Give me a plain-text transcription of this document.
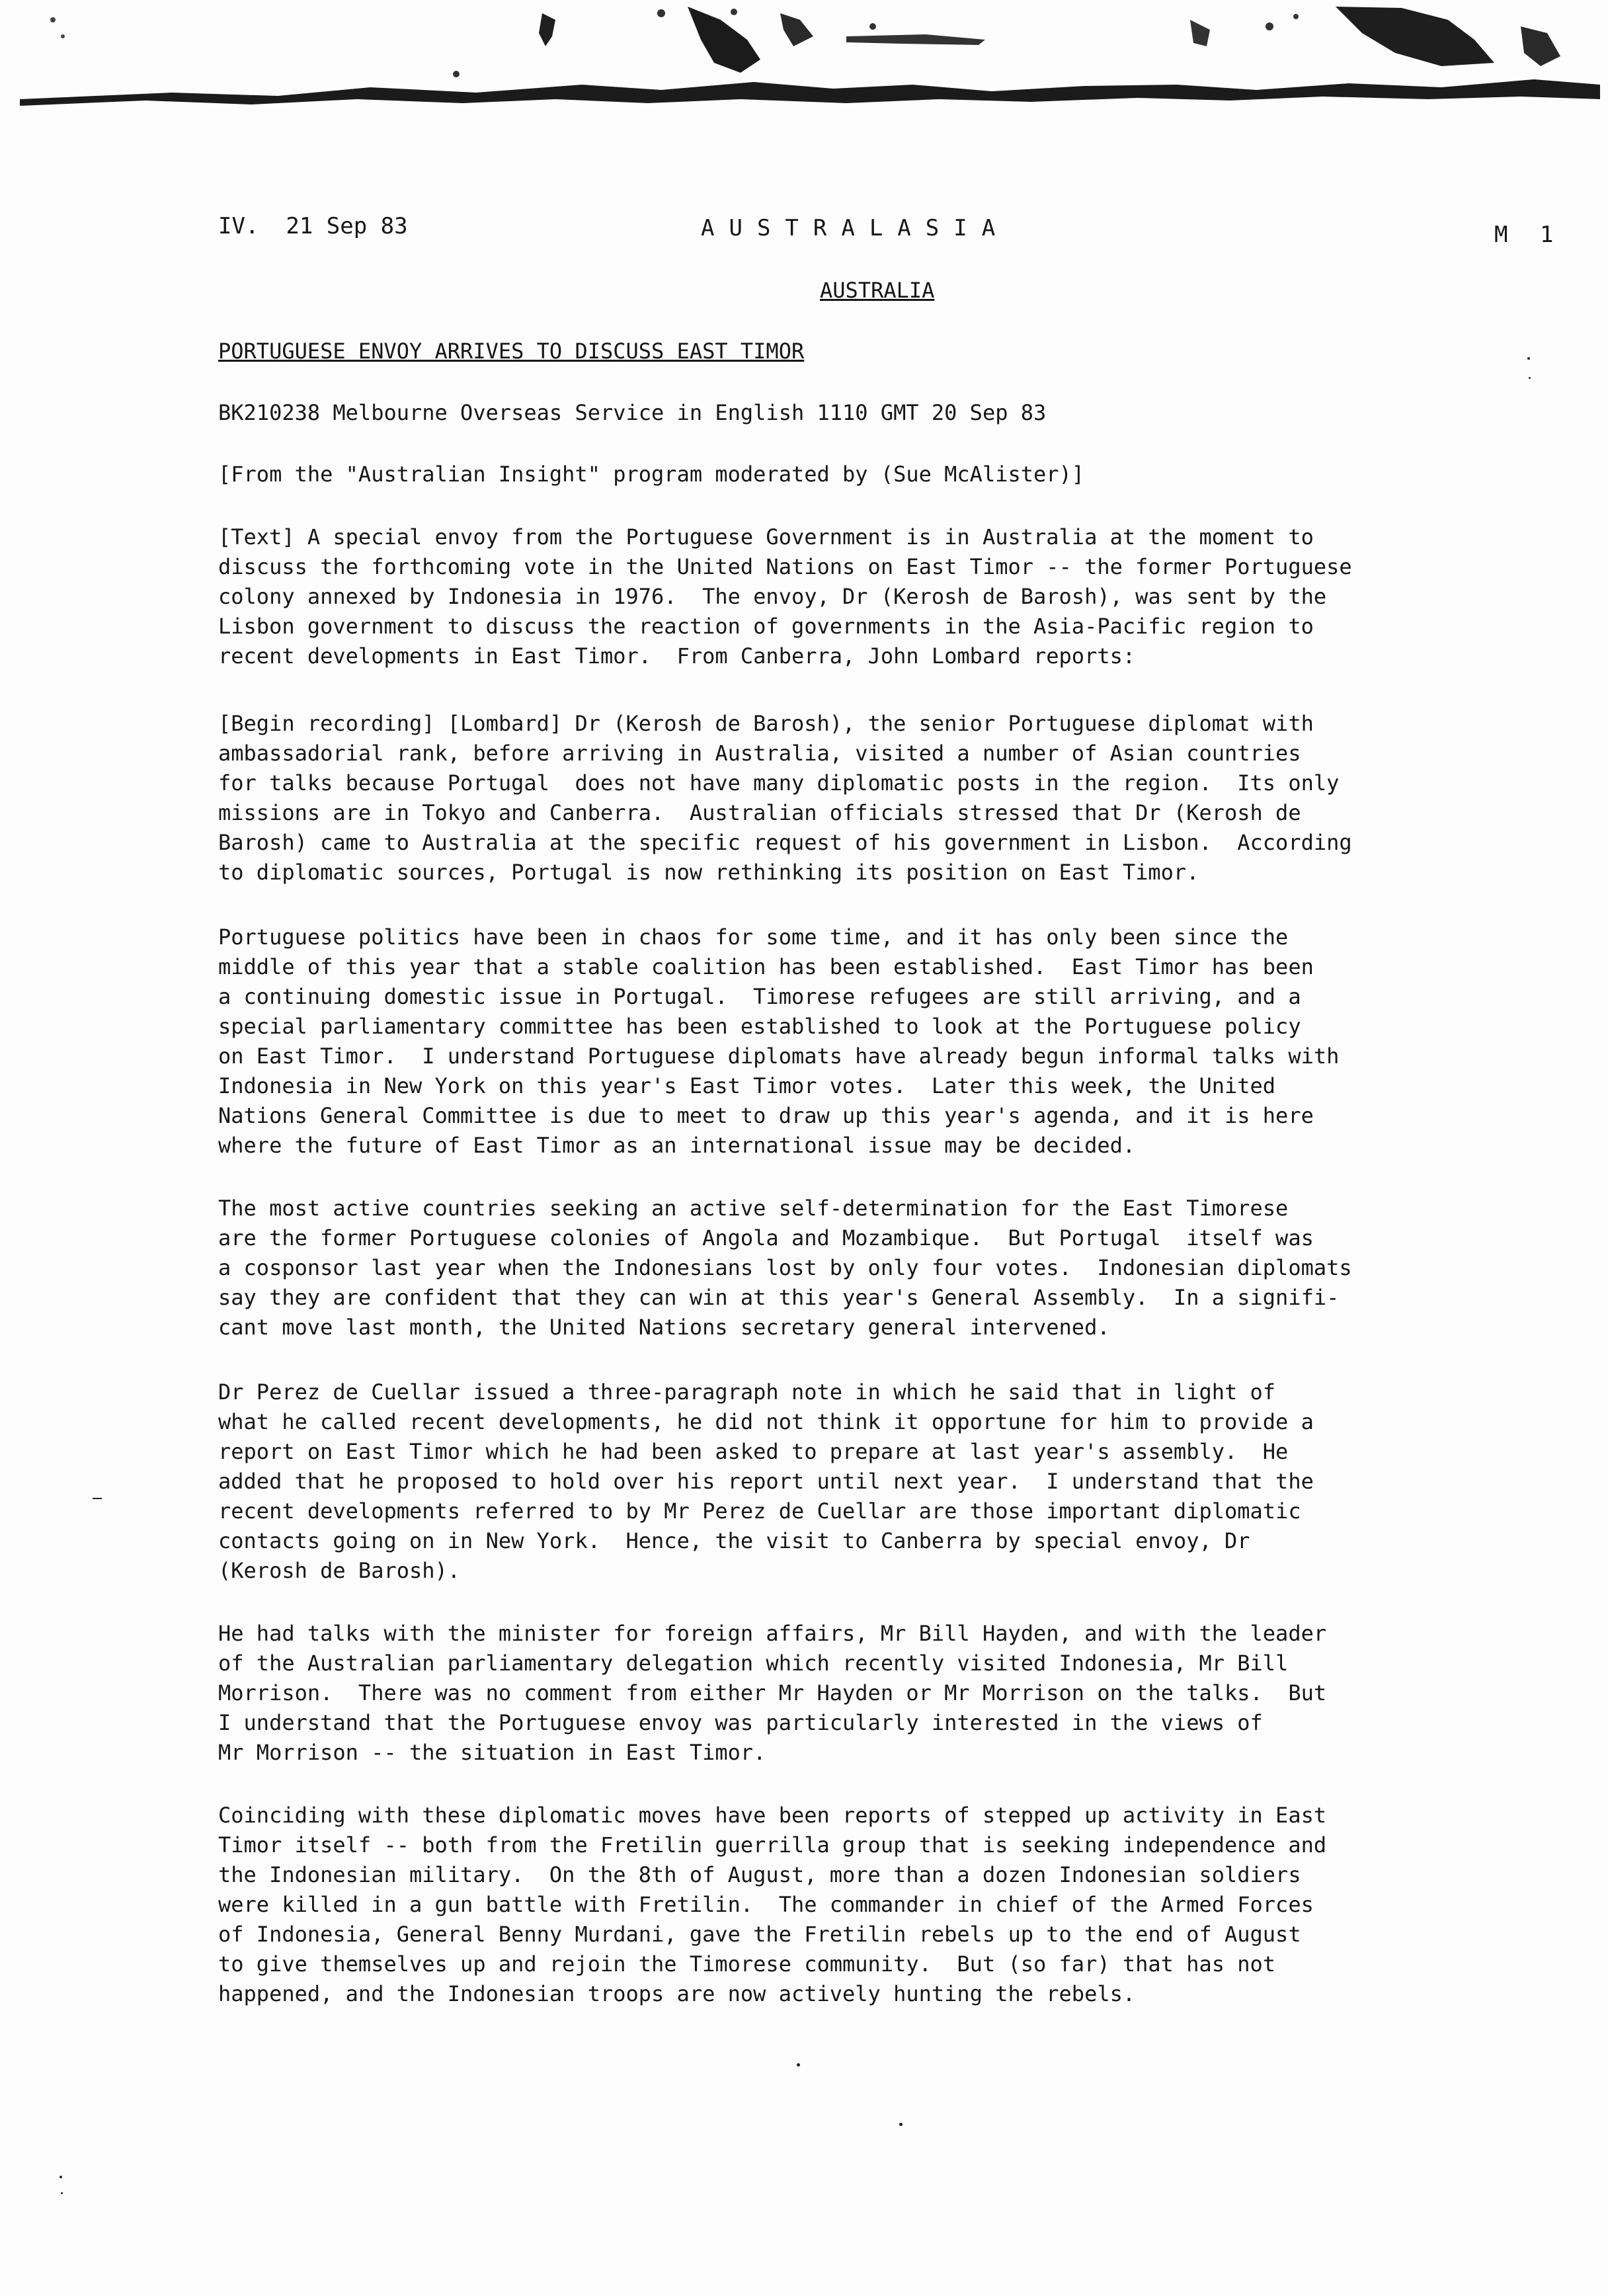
IV.  21 Sep 83	AUSTRALASIA	M 1
AUSTRALIA
PORTUGUESE ENVOY ARRIVES TO DISCUSS EAST TIMOR
BK210238 Melbourne Overseas Service in English 1110 GMT 20 Sep 83
[From the "Australian Insight" program moderated by (Sue McAlister)]
[Text] A special envoy from the Portuguese Government is in Australia at the moment to
discuss the forthcoming vote in the United Nations on East Timor -- the former Portuguese
colony annexed by Indonesia in 1976.  The envoy, Dr (Kerosh de Barosh), was sent by the
Lisbon government to discuss the reaction of governments in the Asia-Pacific region to
recent developments in East Timor.  From Canberra, John Lombard reports:
[Begin recording] [Lombard] Dr (Kerosh de Barosh), the senior Portuguese diplomat with
ambassadorial rank, before arriving in Australia, visited a number of Asian countries
for talks because Portugal  does not have many diplomatic posts in the region.  Its only
missions are in Tokyo and Canberra.  Australian officials stressed that Dr (Kerosh de
Barosh) came to Australia at the specific request of his government in Lisbon.  According
to diplomatic sources, Portugal is now rethinking its position on East Timor.
Portuguese politics have been in chaos for some time, and it has only been since the
middle of this year that a stable coalition has been established.  East Timor has been
a continuing domestic issue in Portugal.  Timorese refugees are still arriving, and a
special parliamentary committee has been established to look at the Portuguese policy
on East Timor.  I understand Portuguese diplomats have already begun informal talks with
Indonesia in New York on this year's East Timor votes.  Later this week, the United
Nations General Committee is due to meet to draw up this year's agenda, and it is here
where the future of East Timor as an international issue may be decided.
The most active countries seeking an active self-determination for the East Timorese
are the former Portuguese colonies of Angola and Mozambique.  But Portugal  itself was
a cosponsor last year when the Indonesians lost by only four votes.  Indonesian diplomats
say they are confident that they can win at this year's General Assembly.  In a signifi-
cant move last month, the United Nations secretary general intervened.
Dr Perez de Cuellar issued a three-paragraph note in which he said that in light of
what he called recent developments, he did not think it opportune for him to provide a
report on East Timor which he had been asked to prepare at last year's assembly.  He
added that he proposed to hold over his report until next year.  I understand that the
recent developments referred to by Mr Perez de Cuellar are those important diplomatic
contacts going on in New York.  Hence, the visit to Canberra by special envoy, Dr
(Kerosh de Barosh).
He had talks with the minister for foreign affairs, Mr Bill Hayden, and with the leader
of the Australian parliamentary delegation which recently visited Indonesia, Mr Bill
Morrison.  There was no comment from either Mr Hayden or Mr Morrison on the talks.  But
I understand that the Portuguese envoy was particularly interested in the views of
Mr Morrison -- the situation in East Timor.
Coinciding with these diplomatic moves have been reports of stepped up activity in East
Timor itself -- both from the Fretilin guerrilla group that is seeking independence and
the Indonesian military.  On the 8th of August, more than a dozen Indonesian soldiers
were killed in a gun battle with Fretilin.  The commander in chief of the Armed Forces
of Indonesia, General Benny Murdani, gave the Fretilin rebels up to the end of August
to give themselves up and rejoin the Timorese community.  But (so far) that has not
happened, and the Indonesian troops are now actively hunting the rebels.
